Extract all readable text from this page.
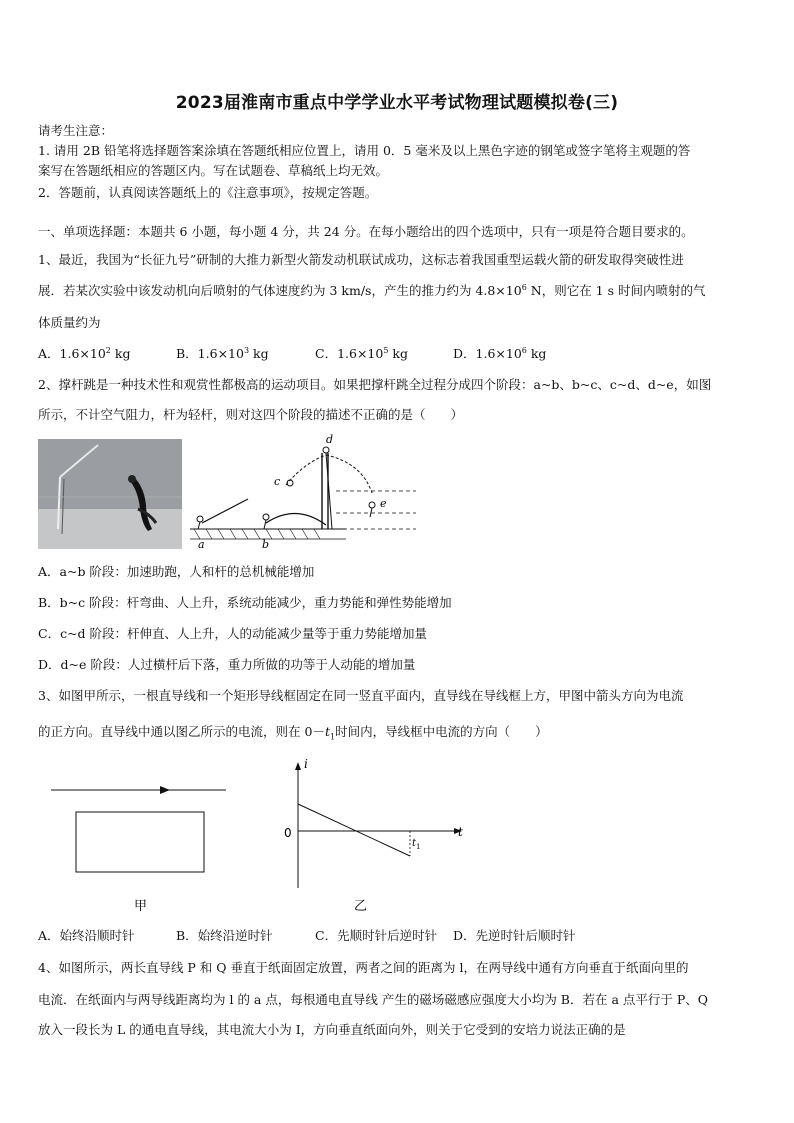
2023届淮南市重点中学学业水平考试物理试题模拟卷(三)
请考生注意：
1. 请用 2B 铅笔将选择题答案涂填在答题纸相应位置上，请用 0．5 毫米及以上黑色字迹的钢笔或签字笔将主观题的答
案写在答题纸相应的答题区内。写在试题卷、草稿纸上均无效。
2．答题前，认真阅读答题纸上的《注意事项》，按规定答题。
一、单项选择题：本题共 6 小题，每小题 4 分，共 24 分。在每小题给出的四个选项中，只有一项是符合题目要求的。
1、最近，我国为“长征九号”研制的大推力新型火箭发动机联试成功，这标志着我国重型运载火箭的研发取得突破性进
展．若某次实验中该发动机向后喷射的气体速度约为 3 km/s，产生的推力约为 $4.8\times 10^6$ N，则它在 1 s 时间内喷射的气
体质量约为
A．$1.6\times 10^2$ kg	B．$1.6\times 10^3$ kg	C．$1.6\times 10^5$ kg	D．$1.6\times 10^6$ kg
2、撑杆跳是一种技术性和观赏性都极高的运动项目。如果把撑杆跳全过程分成四个阶段：a~b、b~c、c~d、d~e，如图
所示，不计空气阻力，杆为轻杆，则对这四个阶段的描述不正确的是（　　）
a	b
c
d
e
A．a~b 阶段：加速助跑，人和杆的总机械能增加
B．b~c 阶段：杆弯曲、人上升，系统动能减少，重力势能和弹性势能增加
C．c~d 阶段：杆伸直、人上升，人的动能减少量等于重力势能增加量
D．d~e 阶段：人过横杆后下落，重力所做的功等于人动能的增加量
3、如图甲所示，一根直导线和一个矩形导线框固定在同一竖直平面内，直导线在导线框上方，甲图中箭头方向为电流
的正方向。直导线中通以图乙所示的电流，则在 $0-t_1$时间内，导线框中电流的方向（　　）
甲
i
t
0
t 1
乙
A．始终沿顺时针	B．始终沿逆时针	C．先顺时针后逆时针 D．先逆时针后顺时针
4、如图所示，两长直导线 P 和 Q 垂直于纸面固定放置，两者之间的距离为 l，在两导线中通有方向垂直于纸面向里的
电流．在纸面内与两导线距离均为 l 的 a 点，每根通电直导线 产生的磁场磁感应强度大小均为 B．若在 a 点平行于 P、Q
放入一段长为 L 的通电直导线，其电流大小为 I，方向垂直纸面向外，则关于它受到的安培力说法正确的是
